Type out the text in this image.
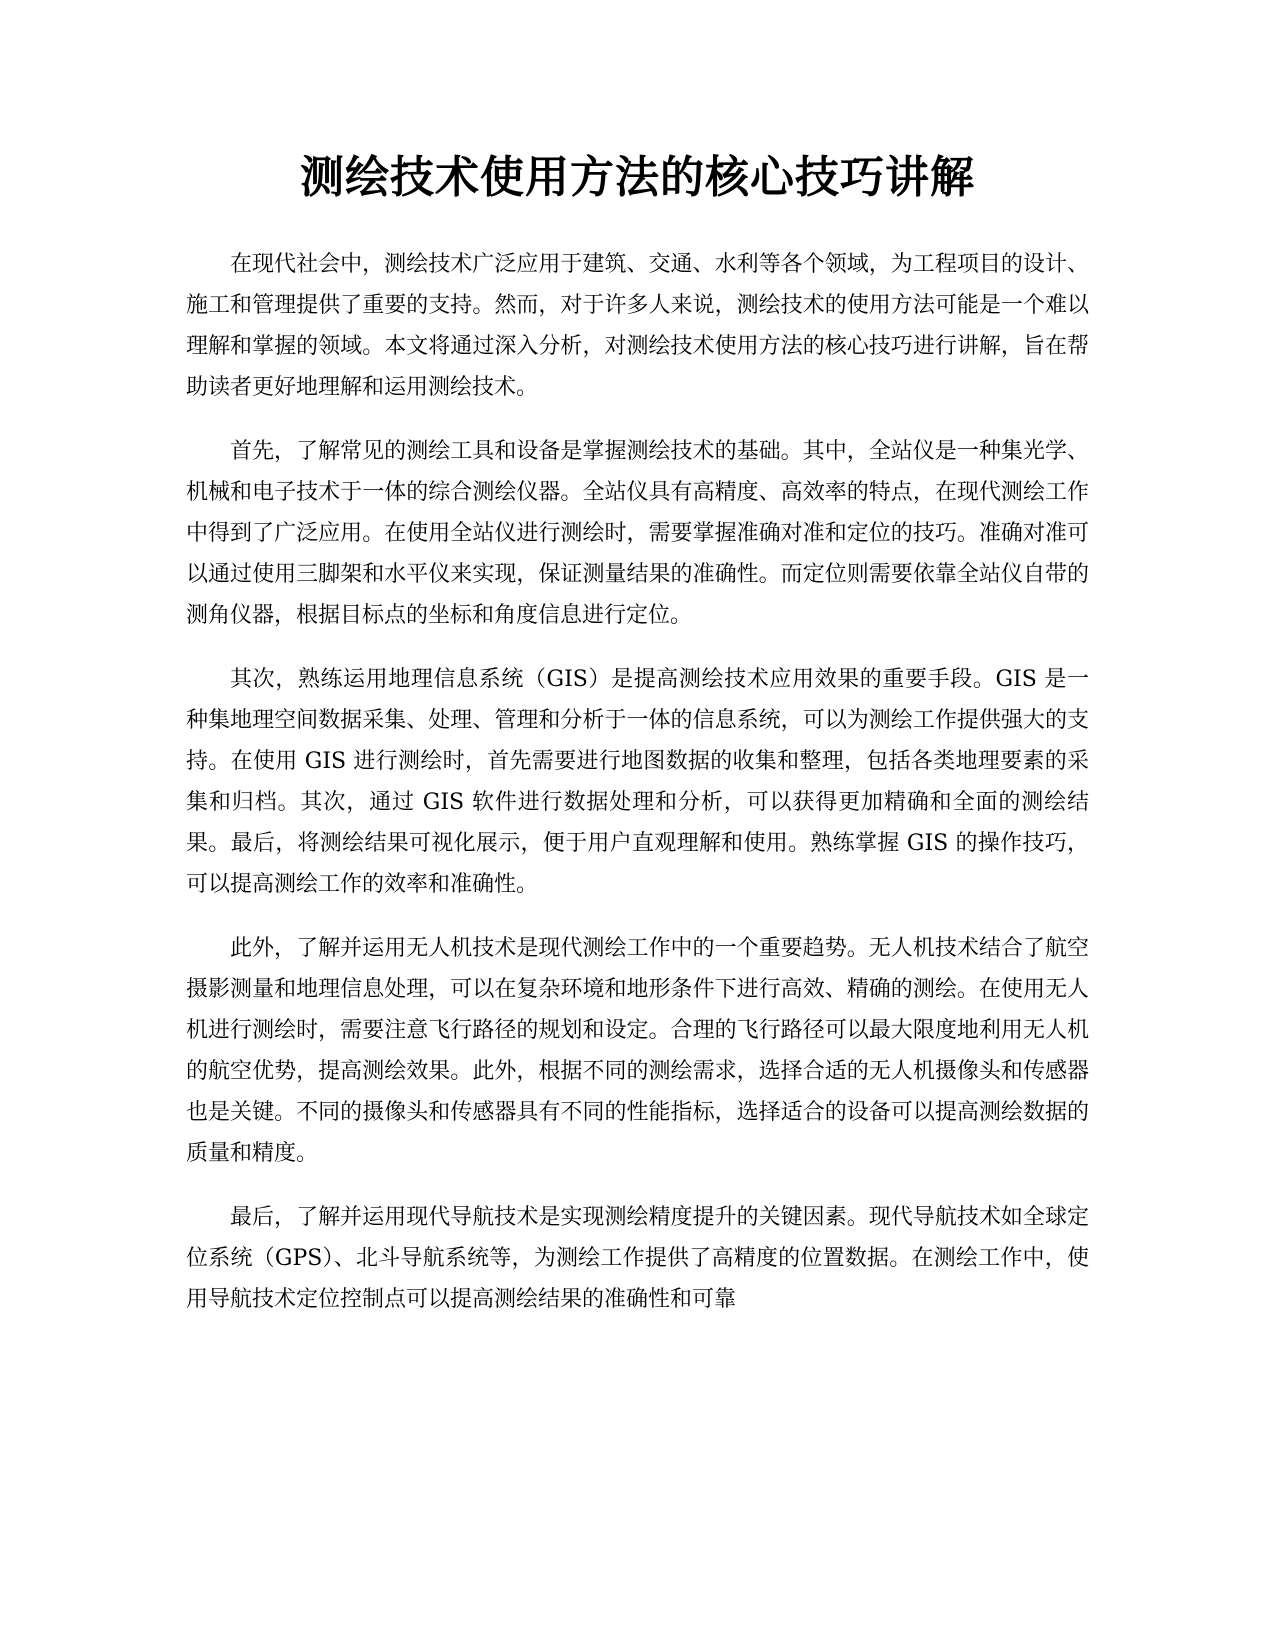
测绘技术使用方法的核心技巧讲解

在现代社会中，测绘技术广泛应用于建筑、交通、水利等各个领域，为工程项目的设计、施工和管理提供了重要的支持。然而，对于许多人来说，测绘技术的使用方法可能是一个难以理解和掌握的领域。本文将通过深入分析，对测绘技术使用方法的核心技巧进行讲解，旨在帮助读者更好地理解和运用测绘技术。

首先，了解常见的测绘工具和设备是掌握测绘技术的基础。其中，全站仪是一种集光学、机械和电子技术于一体的综合测绘仪器。全站仪具有高精度、高效率的特点，在现代测绘工作中得到了广泛应用。在使用全站仪进行测绘时，需要掌握准确对准和定位的技巧。准确对准可以通过使用三脚架和水平仪来实现，保证测量结果的准确性。而定位则需要依靠全站仪自带的测角仪器，根据目标点的坐标和角度信息进行定位。

其次，熟练运用地理信息系统（GIS）是提高测绘技术应用效果的重要手段。GIS 是一种集地理空间数据采集、处理、管理和分析于一体的信息系统，可以为测绘工作提供强大的支持。在使用 GIS 进行测绘时，首先需要进行地图数据的收集和整理，包括各类地理要素的采集和归档。其次，通过 GIS 软件进行数据处理和分析，可以获得更加精确和全面的测绘结果。最后，将测绘结果可视化展示，便于用户直观理解和使用。熟练掌握 GIS 的操作技巧，可以提高测绘工作的效率和准确性。

此外，了解并运用无人机技术是现代测绘工作中的一个重要趋势。无人机技术结合了航空摄影测量和地理信息处理，可以在复杂环境和地形条件下进行高效、精确的测绘。在使用无人机进行测绘时，需要注意飞行路径的规划和设定。合理的飞行路径可以最大限度地利用无人机的航空优势，提高测绘效果。此外，根据不同的测绘需求，选择合适的无人机摄像头和传感器也是关键。不同的摄像头和传感器具有不同的性能指标，选择适合的设备可以提高测绘数据的质量和精度。

最后，了解并运用现代导航技术是实现测绘精度提升的关键因素。现代导航技术如全球定位系统（GPS）、北斗导航系统等，为测绘工作提供了高精度的位置数据。在测绘工作中，使用导航技术定位控制点可以提高测绘结果的准确性和可靠
